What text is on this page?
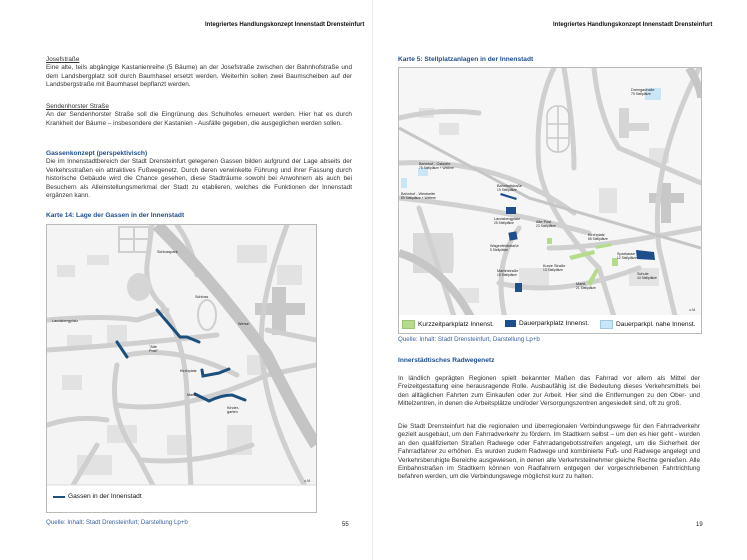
Integriertes Handlungskonzept Innenstadt Drensteinfurt
Josefstraße
Eine alte, teils abgängige Kastanienreihe (5 Bäume) an der Josefstraße zwischen der Bahnhofstraße und dem Landsbergplatz soll durch Baumhasel ersetzt werden. Weiterhin sollen zwei Baumscheiben auf der Landsbergstraße mit Baumhasel bepflanzt werden.
Sendenhorster Straße
An der Sendenhorster Straße soll die Eingrünung des Schulhofes erneuert werden. Hier hat es durch Krankheit der Bäume – insbesondere der Kastanien - Ausfälle gegeben, die ausgeglichen werden sollen.
Gassenkonzept (perspektivisch)
Die im Innenstadtbereich der Stadt Drensteinfurt gelegenen Gassen bilden aufgrund der Lage abseits der Verkehrsstraßen ein attraktives Fußwegenetz. Durch deren verwinkelte Führung und ihrer Fassung durch historische Gebäude wird die Chance gesehen, diese Stadträume sowohl bei Anwohnern als auch bei Besuchern als Alleinstellungsmerkmal der Stadt zu etablieren, welches die Funktionen der Innenstadt ergänzen kann.
Karte 14: Lage der Gassen in der Innenstadt
Schlosspark
Schloss
Werse
Landsbergplatz
"Alte Post"
Kirchplatz
Markt
Kinder-garten
o.M.
Gassen in der Innenstadt
Quelle: Inhalt: Stadt Drensteinfurt; Darstellung Lp+b	55
Integriertes Handlungskonzept Innenstadt Drensteinfurt
Karte 5: Stellplatzanlagen in der Innenstadt
Dreingauhalle
75 Stellplätze
Bahnhof - Ostseite
75 Stellplätze + Weitere
Bahnhof - Westseite
80 Stellplätze + Weitere
Bahnhofstraße
19 Stellplätze
Landsbergplatz
25 Stellplätze	Alte Post
23 Stellplätze
Kirchplatz
65 Stellplätze
Wagenfeldstraße
5 Stellplätze
Sparkasse
12 Stellplätze
Martinstraße
15 Stellplätze
Kurze Straße
13 Stellplätze
Schule
44 Stellplätze
Markt
21 Stellplätze
o.M.
Kurzzeitparkplatz Innenst.	Dauerparkplatz Innenst.	Dauerparkpl. nahe Innenst.
Quelle: Inhalt: Stadt Drensteinfurt, Darstellung Lp+b
Innerstädtisches Radwegenetz
In ländlich geprägten Regionen spielt bekannter Maßen das Fahrrad vor allem als Mittel der Freizeitgestaltung eine herausragende Rolle. Ausbaufähig ist die Bedeutung dieses Verkehrsmittels bei den alltäglichen Fahrten zum Einkaufen oder zur Arbeit. Hier sind die Entfernungen zu den Ober- und Mittelzentren, in denen die Arbeitsplätze und/oder Versorgungszentren angesiedelt sind, oft zu groß.
Die Stadt Drensteinfurt hat die regionalen und überregionalen Verbindungswege für den Fahrradverkehr gezielt ausgebaut, um den Fahrradverkehr zu fördern. Im Stadtkern selbst – um den es hier geht - wurden an den qualifizierten Straßen Radwege oder Fahrradangebotsstreifen angelegt, um die Sicherheit der Fahrradfahrer zu erhöhen. Es wurden zudem Radwege und kombinierte Fuß- und Radwege angelegt und Verkehrsberuhigte Bereiche ausgewiesen, in denen alle Verkehrsteilnehmer gleiche Rechte genießen. Alle Einbahnstraßen im Stadtkern können von Radfahrern entgegen der vorgeschriebenen Fahrtrichtung befahren werden, um die Verbindungswege möglichst kurz zu halten.
19
